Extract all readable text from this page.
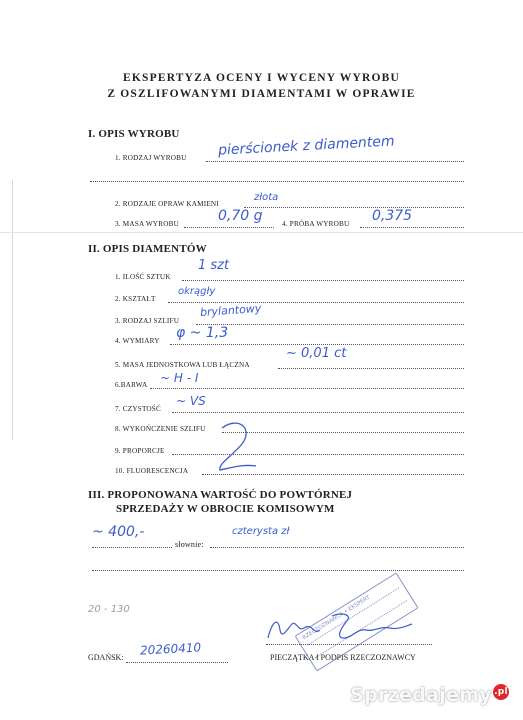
EKSPERTYZA OCENY I WYCENY WYROBU
Z OSZLIFOWANYMI DIAMENTAMI W OPRAWIE
I. OPIS WYROBU
1. RODZAJ WYROBU pierścionek z diamentem
2. RODZAJE OPRAW KAMIENI
złota
3. MASA WYROBU	0,70 g	4. PRÓBA WYROBU 0,375
II. OPIS DIAMENTÓW
1. ILOŚĆ SZTUK
1 szt
2. KSZTAŁT
okrągły
3. RODZAJ SZLIFU
brylantowy
4. WYMIARY φ ~ 1,3
5. MASA JEDNOSTKOWA LUB ŁĄCZNA
~ 0,01 ct
6.BARWA ~ H - I
7. CZYSTOŚĆ
~ VS
8. WYKOŃCZENIE SZLIFU
9. PROPORCJE
10. FLUORESCENCJA
III. PROPONOWANA WARTOŚĆ DO POWTÓRNEJ
SPRZEDAŻY W OBROCIE KOMISOWYM
~ 400,-
słownie:
czterysta zł
20 - 130
GDAŃSK: 20260410	PIECZĄTKA I PODPIS RZECZOZNAWCY
RZECZOZNAWCA • EKSPERT
Sprzedajemy .pl
